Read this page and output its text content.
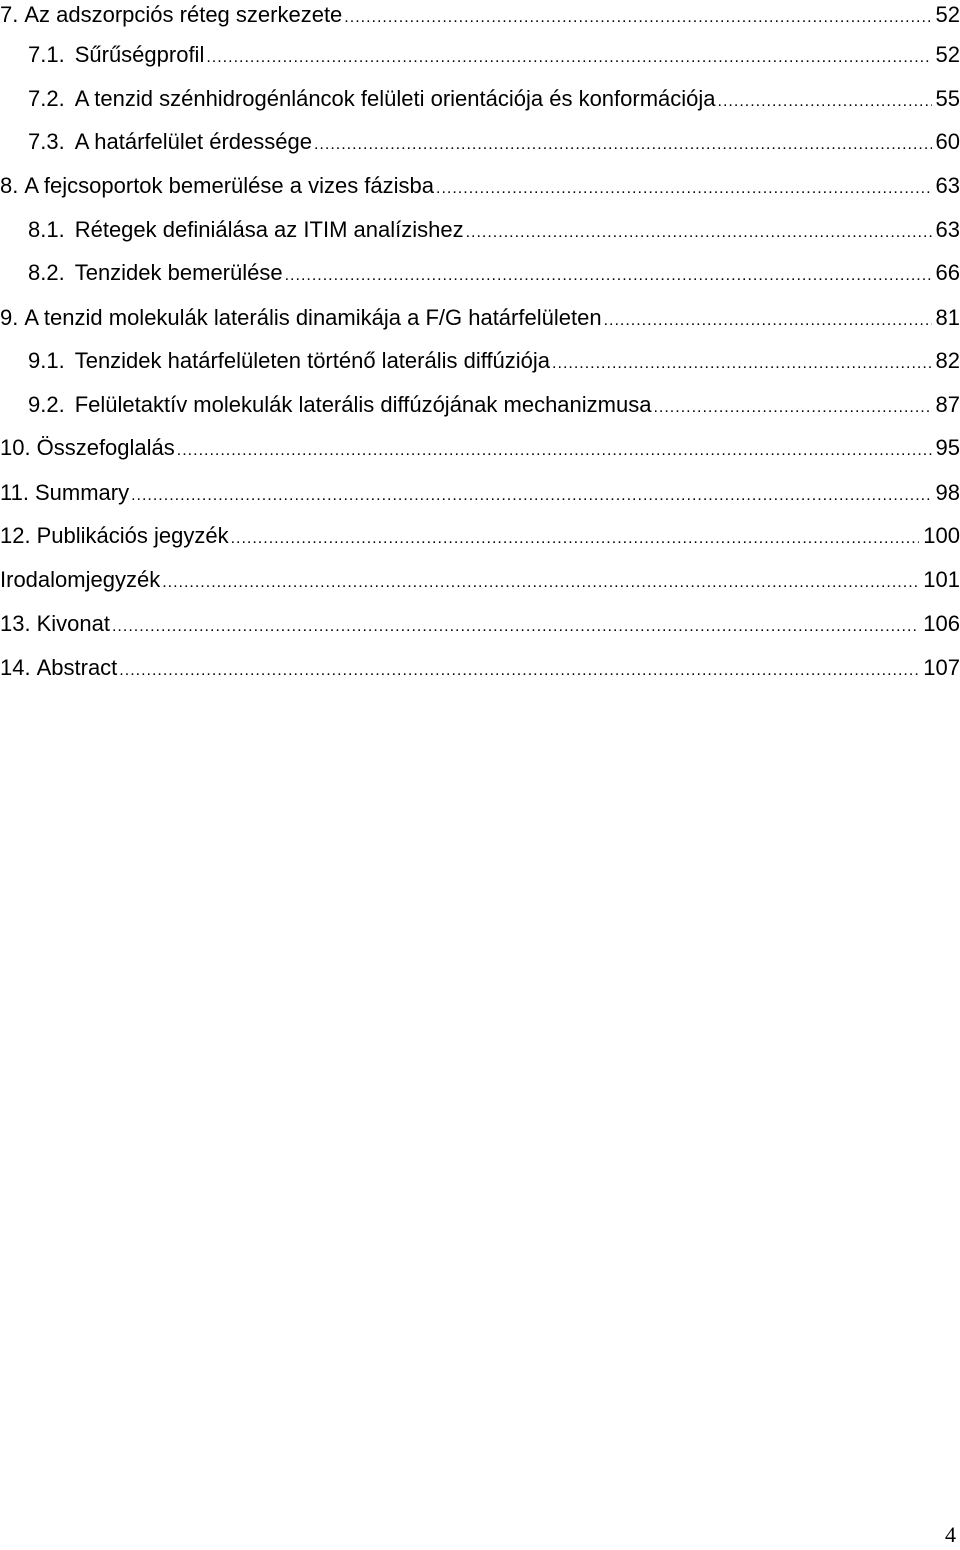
7. Az adszorpciós réteg szerkezete .....	52
7.1. Sűrűségprofil .....	52
7.2. A tenzid szénhidrogénláncok felületi orientációja és konformációja .....	55
7.3. A határfelület érdessége .....	60
8. A fejcsoportok bemerülése a vizes fázisba .....	63
8.1. Rétegek definiálása az ITIM analízishez .....	63
8.2. Tenzidek bemerülése .....	66
9. A tenzid molekulák laterális dinamikája a F/G határfelületen .....	81
9.1. Tenzidek határfelületen történő laterális diffúziója .....	82
9.2. Felületaktív molekulák laterális diffúzójának mechanizmusa .....	87
10. Összefoglalás .....	95
11. Summary .....	98
12. Publikációs jegyzék .....	100
Irodalomjegyzék .....	101
13. Kivonat .....	106
14. Abstract .....	107
4
